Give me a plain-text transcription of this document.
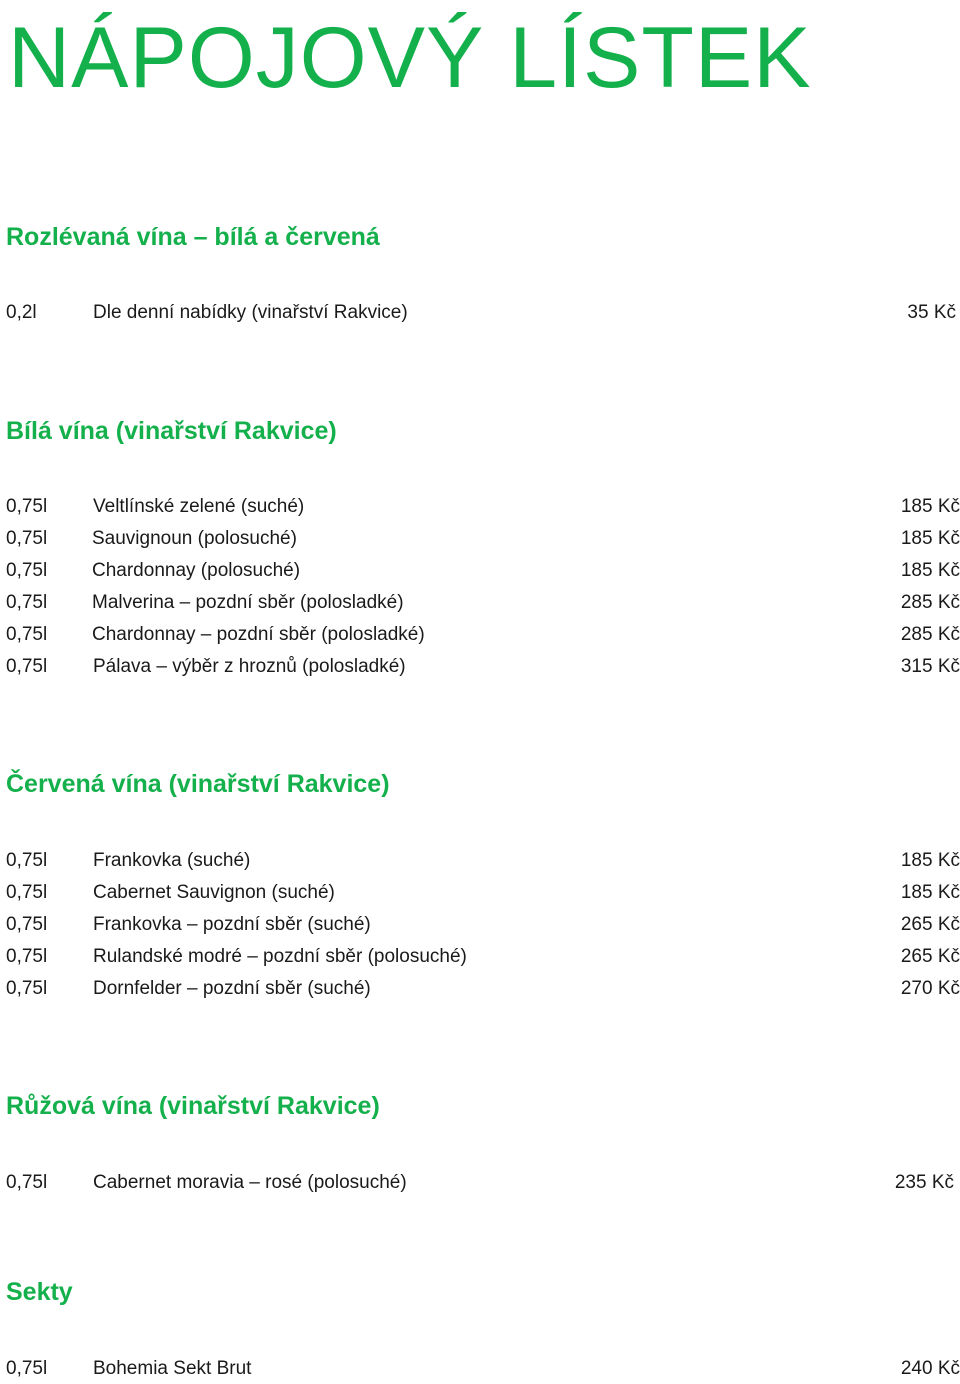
NÁPOJOVÝ LÍSTEK
Rozlévaná vína – bílá a červená
0,2l	Dle denní nabídky (vinařství Rakvice)	35 Kč
Bílá vína (vinařství Rakvice)
0,75l Veltlínské zelené (suché)	185 Kč
0,75l Sauvignoun (polosuché)	185 Kč
0,75l Chardonnay (polosuché)	185 Kč
0,75l Malverina – pozdní sběr (polosladké)	285 Kč
0,75l Chardonnay – pozdní sběr (polosladké)	285 Kč
0,75l Pálava – výběr z hroznů (polosladké)	315 Kč
Červená vína (vinařství Rakvice)
0,75l Frankovka (suché)	185 Kč
0,75l Cabernet Sauvignon (suché)	185 Kč
0,75l Frankovka – pozdní sběr (suché)	265 Kč
0,75l Rulandské modré – pozdní sběr (polosuché)	265 Kč
0,75l Dornfelder – pozdní sběr (suché)	270 Kč
Růžová vína (vinařství Rakvice)
0,75l Cabernet moravia – rosé (polosuché)	235 Kč
Sekty
0,75l Bohemia Sekt Brut	240 Kč
